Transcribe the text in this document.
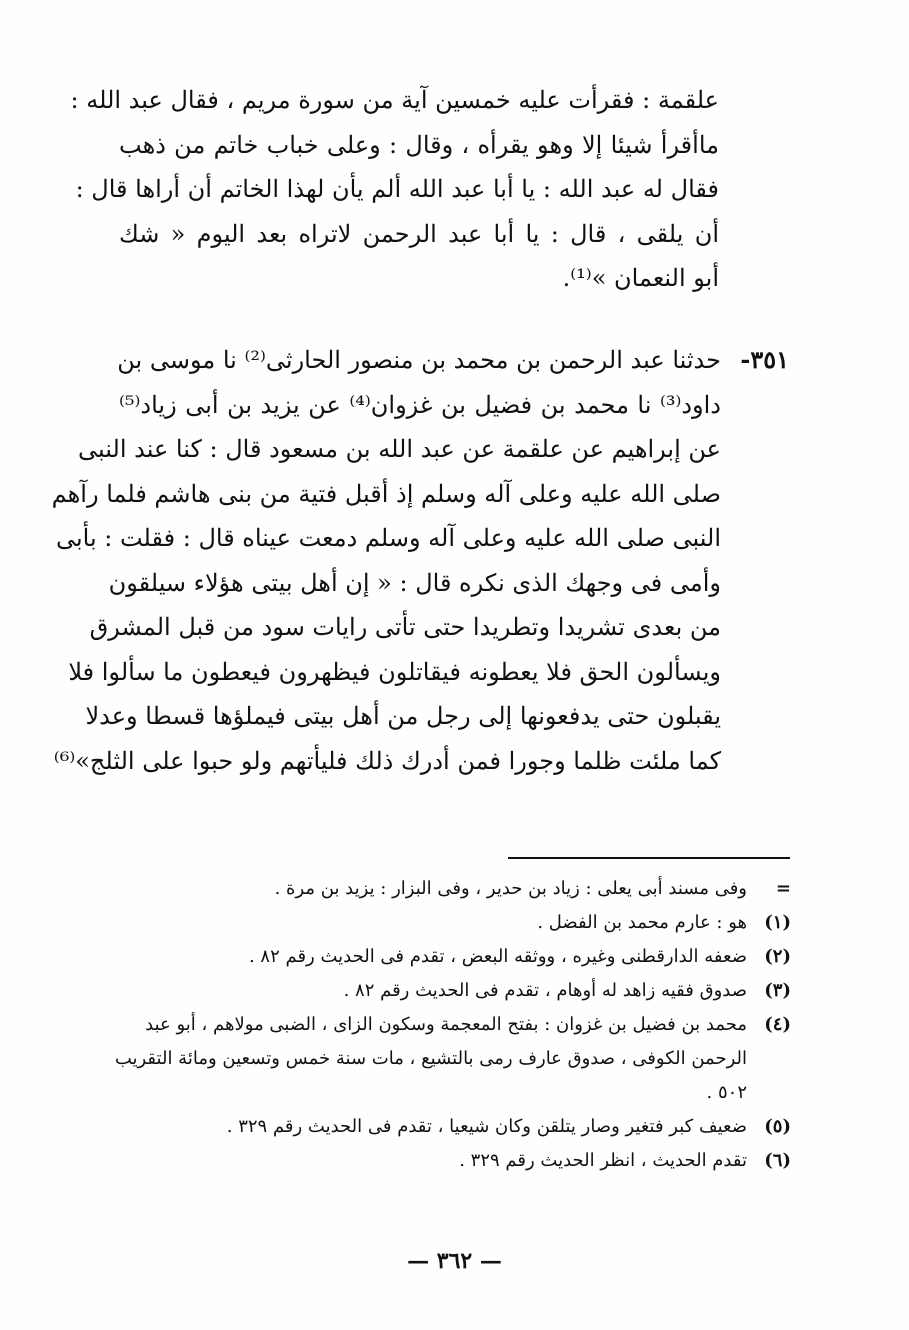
علقمة : فقرأت عليه خمسين آية من سورة مريم ، فقال عبد الله :
ماأقرأ شيئا إلا وهو يقرأه ، وقال : وعلى خباب خاتم من ذهب
فقال له عبد الله : يا أبا عبد الله ألم يأن لهذا الخاتم أن أراها قال :
أن يلقى ، قال : يا أبا عبد الرحمن لاتراه بعد اليوم « شك
أبو النعمان »⁽¹⁾.
٣٥١-
حدثنا عبد الرحمن بن محمد بن منصور الحارثى⁽²⁾ نا موسى بن
داود⁽³⁾ نا محمد بن فضيل بن غزوان⁽⁴⁾ عن يزيد بن أبى زياد⁽⁵⁾
عن إبراهيم عن علقمة عن عبد الله بن مسعود قال : كنا عند النبى
صلى الله عليه وعلى آله وسلم إذ أقبل فتية من بنى هاشم فلما رآهم
النبى صلى الله عليه وعلى آله وسلم دمعت عيناه قال : فقلت : بأبى
وأمى فى وجهك الذى نكره قال : « إن أهل بيتى هؤلاء سيلقون
من بعدى تشريدا وتطريدا حتى تأتى رايات سود من قبل المشرق
ويسألون الحق فلا يعطونه فيقاتلون فيظهرون فيعطون ما سألوا فلا
يقبلون حتى يدفعونها إلى رجل من أهل بيتى فيملؤها قسطا وعدلا
كما ملئت ظلما وجورا فمن أدرك ذلك فليأتهم ولو حبوا على الثلج»⁽⁶⁾
=
وفى مسند أبى يعلى : زياد بن حدير ، وفى البزار : يزيد بن مرة .
(١)
هو : عارم محمد بن الفضل .
(٢)
ضعفه الدارقطنى وغيره ، ووثقه البعض ، تقدم فى الحديث رقم ٨٢ .
(٣)
صدوق فقيه زاهد له أوهام ، تقدم فى الحديث رقم ٨٢ .
(٤)
محمد بن فضيل بن غزوان : بفتح المعجمة وسكون الزاى ، الضبى مولاهم ، أبو عبد الرحمن الكوفى ، صدوق عارف رمى بالتشيع ، مات سنة خمس وتسعين ومائة التقريب ٥٠٢ .
(٥)
ضعيف كبر فتغير وصار يتلقن وكان شيعيا ، تقدم فى الحديث رقم ٣٢٩ .
(٦)
تقدم الحديث ، انظر الحديث رقم ٣٢٩ .
— ٣٦٢ —
